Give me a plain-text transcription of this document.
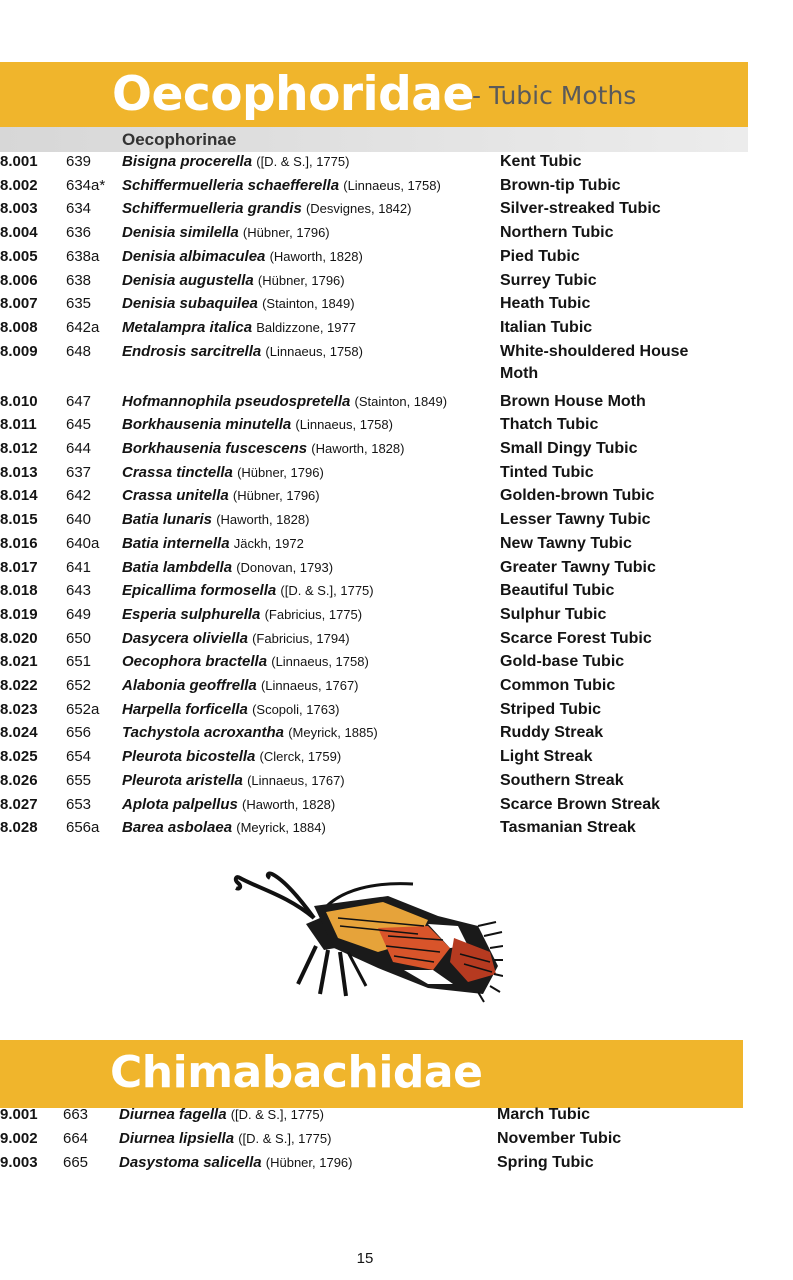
Oecophoridae
- Tubic Moths
Oecophorinae
8.001 639 Bisigna procerella ([D. & S.], 1775)	Kent Tubic
8.002 634a* Schiffermuelleria schaefferella (Linnaeus, 1758)	Brown-tip Tubic
8.003 634 Schiffermuelleria grandis (Desvignes, 1842)	Silver-streaked Tubic
8.004 636 Denisia similella (Hübner, 1796)	Northern Tubic
8.005 638a Denisia albimaculea (Haworth, 1828)	Pied Tubic
8.006 638 Denisia augustella (Hübner, 1796)	Surrey Tubic
8.007 635 Denisia subaquilea (Stainton, 1849)	Heath Tubic
8.008 642a Metalampra italica Baldizzone, 1977	Italian Tubic
8.009 648 Endrosis sarcitrella (Linnaeus, 1758)	White-shouldered House
Moth
8.010 647 Hofmannophila pseudospretella (Stainton, 1849)	Brown House Moth
8.011 645 Borkhausenia minutella (Linnaeus, 1758)	Thatch Tubic
8.012 644 Borkhausenia fuscescens (Haworth, 1828)	Small Dingy Tubic
8.013 637 Crassa tinctella (Hübner, 1796)	Tinted Tubic
8.014 642 Crassa unitella (Hübner, 1796)	Golden-brown Tubic
8.015 640 Batia lunaris (Haworth, 1828)	Lesser Tawny Tubic
8.016 640a Batia internella Jäckh, 1972	New Tawny Tubic
8.017 641 Batia lambdella (Donovan, 1793)	Greater Tawny Tubic
8.018 643 Epicallima formosella ([D. & S.], 1775)	Beautiful Tubic
8.019 649 Esperia sulphurella (Fabricius, 1775)	Sulphur Tubic
8.020 650 Dasycera oliviella (Fabricius, 1794)	Scarce Forest Tubic
8.021 651 Oecophora bractella (Linnaeus, 1758)	Gold-base Tubic
8.022 652 Alabonia geoffrella (Linnaeus, 1767)	Common Tubic
8.023 652a Harpella forficella (Scopoli, 1763)	Striped Tubic
8.024 656 Tachystola acroxantha (Meyrick, 1885)	Ruddy Streak
8.025 654 Pleurota bicostella (Clerck, 1759)	Light Streak
8.026 655 Pleurota aristella (Linnaeus, 1767)	Southern Streak
8.027 653 Aplota palpellus (Haworth, 1828)	Scarce Brown Streak
8.028 656a Barea asbolaea (Meyrick, 1884)	Tasmanian Streak
Chimabachidae
9.001 663 Diurnea fagella ([D. & S.], 1775)	March Tubic
9.002 664 Diurnea lipsiella ([D. & S.], 1775)	November Tubic
9.003 665 Dasystoma salicella (Hübner, 1796)	Spring Tubic
15
